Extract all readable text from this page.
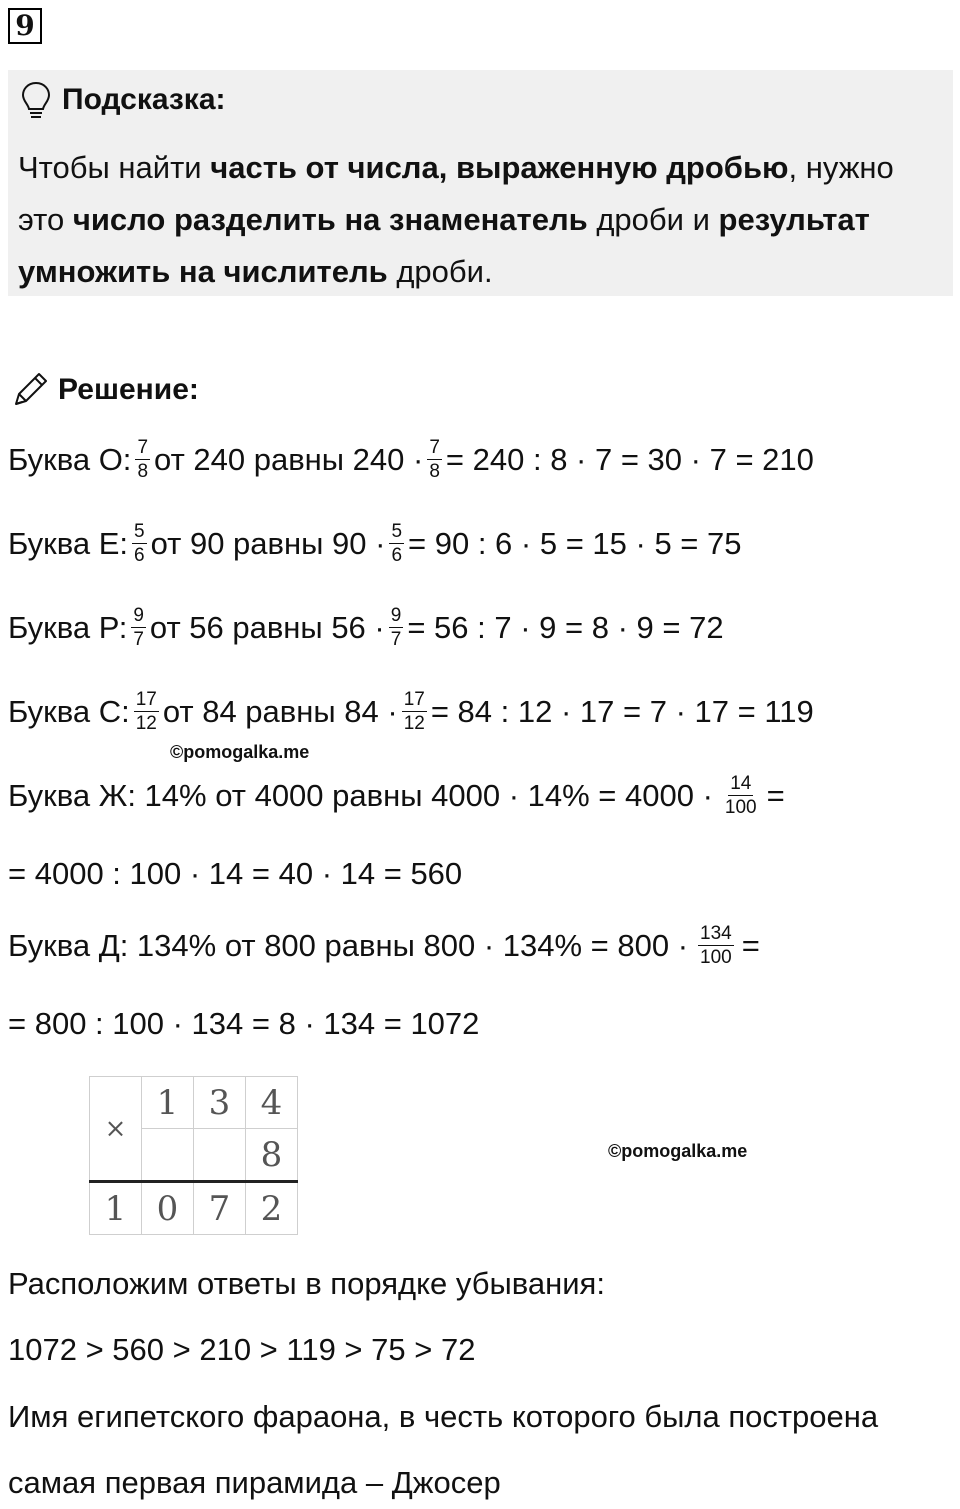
9
Подсказка:
Чтобы найти часть от числа, выраженную дробью, нужно это число разделить на знаменатель дроби и результат умножить на числитель дроби.
Решение:
Буква О: $\frac{7}{8}$ от 240 равны $240 \cdot \frac{7}{8} = 240$ : 8 · 7 = 30 · 7 = 210
Буква Е: $\frac{5}{6}$ от 90 равны $90 \cdot \frac{5}{6} = 90$ : 6 · 5 = 15 · 5 = 75
Буква Р: $\frac{9}{7}$ от 56 равны $56 \cdot \frac{9}{7} = 56$ : 7 · 9 = 8 · 9 = 72
Буква С: $\frac{17}{12}$ от 84 равны $84 \cdot \frac{17}{12} = 84$ : 12 · 17 = 7 · 17 = 119
©pomogalka.me
Буква Ж: 14% от 4000 равны $4000 \cdot 14\% = 4000 \cdot \frac{14}{100}$ =
= 4000 : 100 · 14 = 40 · 14 = 560
Буква Д: 134% от 800 равны $800 \cdot 134\% = 800 \cdot \frac{134}{100}$ =
= 800 : 100 · 134 = 8 · 134 = 1072
×	1	3	4
			8
1	0	7	2
©pomogalka.me
Расположим ответы в порядке убывания:
1072 > 560 > 210 > 119 > 75 > 72
Имя египетского фараона, в честь которого была построена
самая первая пирамида – Джосер
